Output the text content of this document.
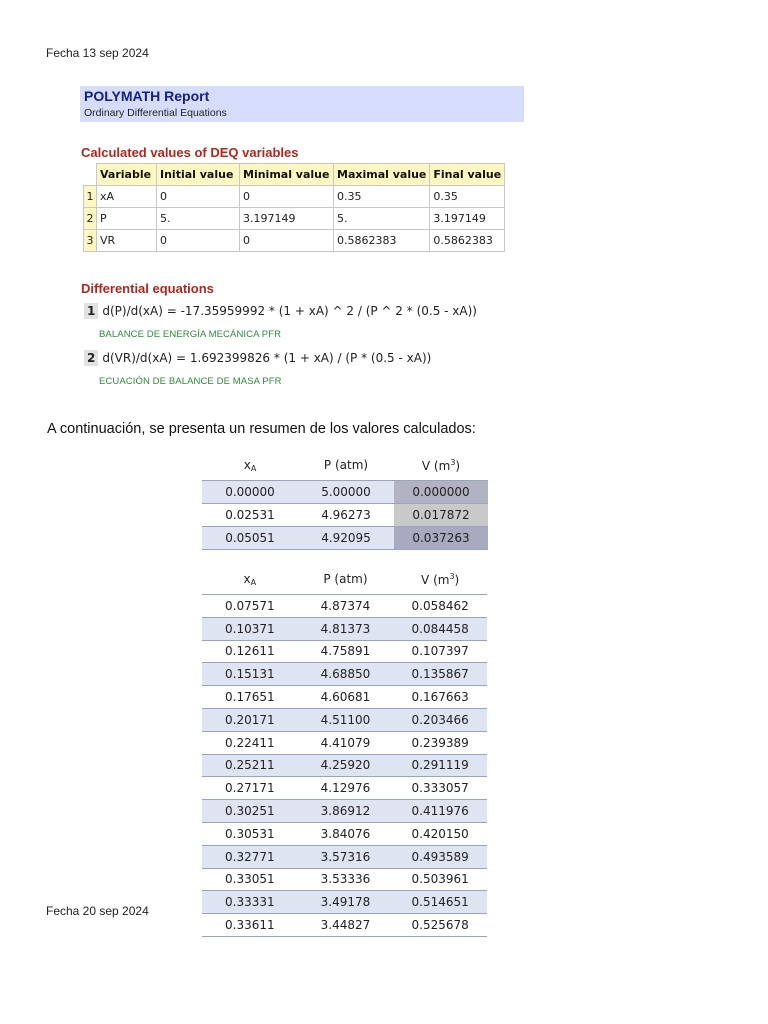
Fecha 13 sep 2024
POLYMATH Report
Ordinary Differential Equations
Calculated values of DEQ variables
	Variable	Initial value	Minimal value	Maximal value	Final value
1	xA	0	0	0.35	0.35
2	P	5.	3.197149	5.	3.197149
3	VR	0	0	0.5862383	0.5862383
Differential equations
1 d(P)/d(xA) = -17.35959992 * (1 + xA) ^ 2 / (P ^ 2 * (0.5 - xA))
BALANCE DE ENERGÍA MECÁNICA PFR
2 d(VR)/d(xA) = 1.692399826 * (1 + xA) / (P * (0.5 - xA))
ECUACIÓN DE BALANCE DE MASA PFR
A continuación, se presenta un resumen de los valores calculados:
$x_A$	P (atm)	V $(m^3)$
0.00000	5.00000	0.000000
0.02531	4.96273	0.017872
0.05051	4.92095	0.037263
$x_A$	P (atm)	V $(m^3)$
0.07571	4.87374	0.058462
0.10371	4.81373	0.084458
0.12611	4.75891	0.107397
0.15131	4.68850	0.135867
0.17651	4.60681	0.167663
0.20171	4.51100	0.203466
0.22411	4.41079	0.239389
0.25211	4.25920	0.291119
0.27171	4.12976	0.333057
0.30251	3.86912	0.411976
0.30531	3.84076	0.420150
0.32771	3.57316	0.493589
0.33051	3.53336	0.503961
0.33331	3.49178	0.514651
0.33611	3.44827	0.525678
Fecha 20 sep 2024
